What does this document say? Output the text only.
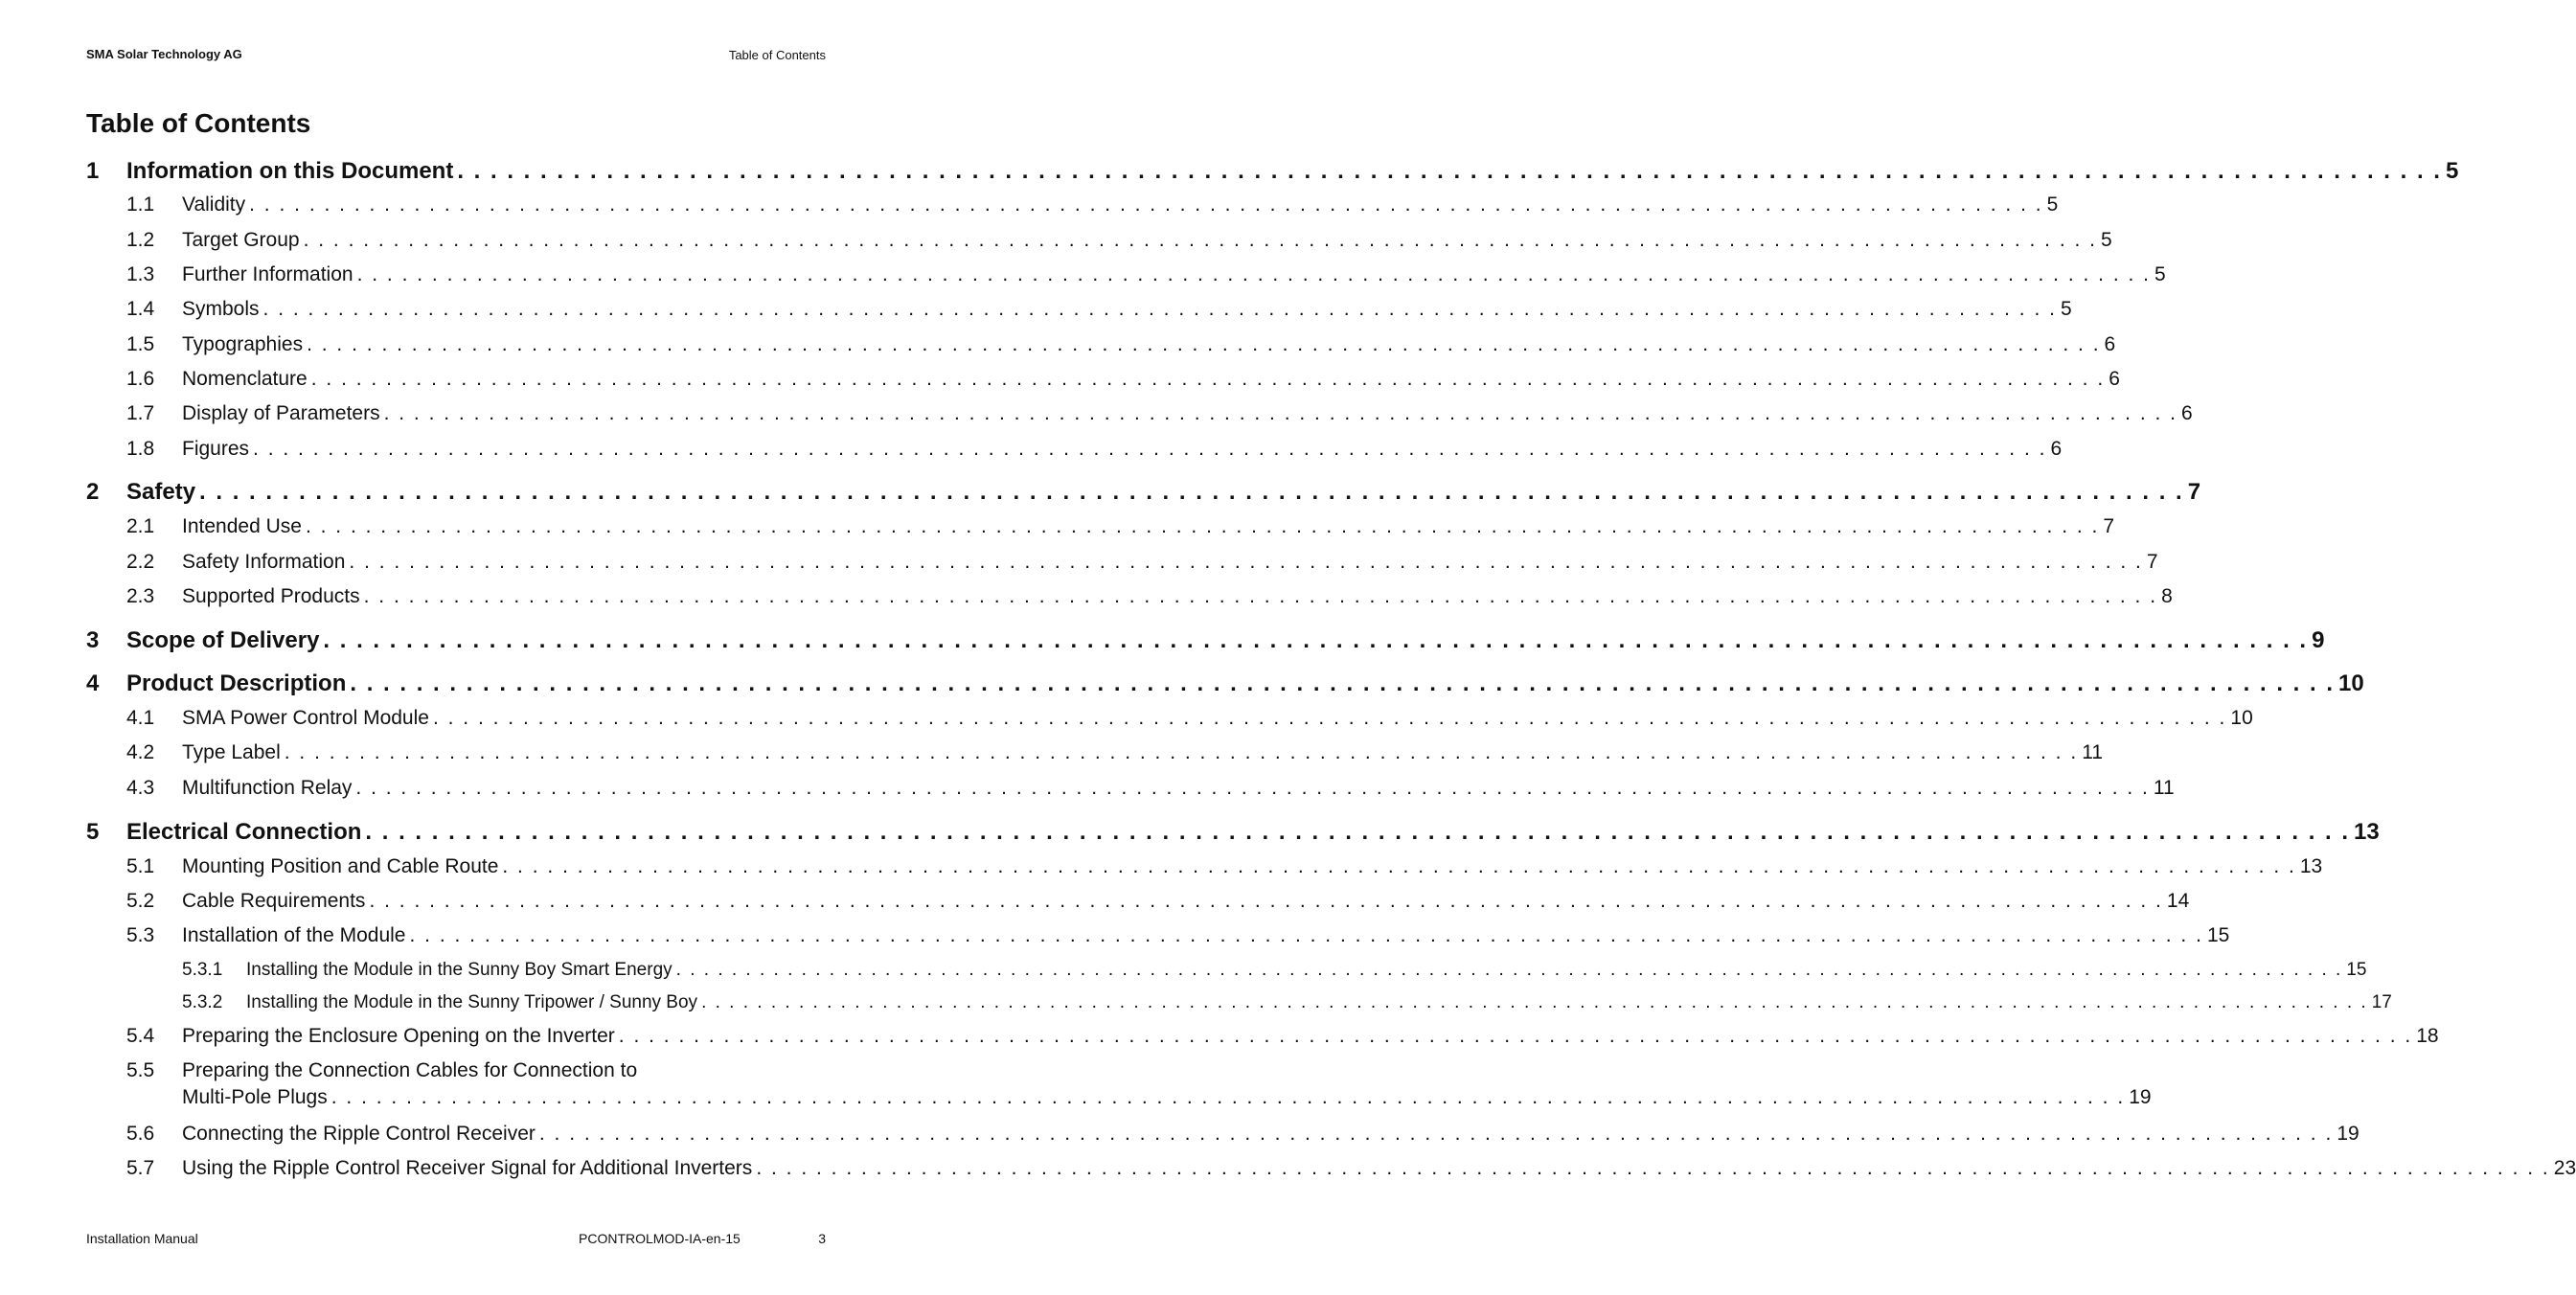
SMA Solar Technology AG	Table of Contents
Table of Contents
1	Information on this Document . . . . . . . . . . . . . . . . . . . . . . . . . . . . . . . . . . . . . . . . . . . . . . . . . . . . . . . . . . . . . . . . . . . . . . . . . . . . . . . . . . . . . . . . . . . . . . . . . . . . . . . . . . . . . . . . . . . . . . . . 5
1.1	Validity . . . . . . . . . . . . . . . . . . . . . . . . . . . . . . . . . . . . . . . . . . . . . . . . . . . . . . . . . . . . . . . . . . . . . . . . . . . . . . . . . . . . . . . . . . . . . . . . . . . . . . . . . . . . . . . . . . . . . . . . 5
1.2	Target Group . . . . . . . . . . . . . . . . . . . . . . . . . . . . . . . . . . . . . . . . . . . . . . . . . . . . . . . . . . . . . . . . . . . . . . . . . . . . . . . . . . . . . . . . . . . . . . . . . . . . . . . . . . . . . . . . . . . . . . . . 5
1.3	Further Information . . . . . . . . . . . . . . . . . . . . . . . . . . . . . . . . . . . . . . . . . . . . . . . . . . . . . . . . . . . . . . . . . . . . . . . . . . . . . . . . . . . . . . . . . . . . . . . . . . . . . . . . . . . . . . . . . . . . . . . . 5
1.4	Symbols . . . . . . . . . . . . . . . . . . . . . . . . . . . . . . . . . . . . . . . . . . . . . . . . . . . . . . . . . . . . . . . . . . . . . . . . . . . . . . . . . . . . . . . . . . . . . . . . . . . . . . . . . . . . . . . . . . . . . . . . 5
1.5	Typographies . . . . . . . . . . . . . . . . . . . . . . . . . . . . . . . . . . . . . . . . . . . . . . . . . . . . . . . . . . . . . . . . . . . . . . . . . . . . . . . . . . . . . . . . . . . . . . . . . . . . . . . . . . . . . . . . . . . . . . . . 6
1.6	Nomenclature . . . . . . . . . . . . . . . . . . . . . . . . . . . . . . . . . . . . . . . . . . . . . . . . . . . . . . . . . . . . . . . . . . . . . . . . . . . . . . . . . . . . . . . . . . . . . . . . . . . . . . . . . . . . . . . . . . . . . . . . 6
1.7	Display of Parameters . . . . . . . . . . . . . . . . . . . . . . . . . . . . . . . . . . . . . . . . . . . . . . . . . . . . . . . . . . . . . . . . . . . . . . . . . . . . . . . . . . . . . . . . . . . . . . . . . . . . . . . . . . . . . . . . . . . . . . . . 6
1.8	Figures . . . . . . . . . . . . . . . . . . . . . . . . . . . . . . . . . . . . . . . . . . . . . . . . . . . . . . . . . . . . . . . . . . . . . . . . . . . . . . . . . . . . . . . . . . . . . . . . . . . . . . . . . . . . . . . . . . . . . . . . 6
2	Safety . . . . . . . . . . . . . . . . . . . . . . . . . . . . . . . . . . . . . . . . . . . . . . . . . . . . . . . . . . . . . . . . . . . . . . . . . . . . . . . . . . . . . . . . . . . . . . . . . . . . . . . . . . . . . . . . . . . . . . . . 7
2.1	Intended Use . . . . . . . . . . . . . . . . . . . . . . . . . . . . . . . . . . . . . . . . . . . . . . . . . . . . . . . . . . . . . . . . . . . . . . . . . . . . . . . . . . . . . . . . . . . . . . . . . . . . . . . . . . . . . . . . . . . . . . . . 7
2.2	Safety Information . . . . . . . . . . . . . . . . . . . . . . . . . . . . . . . . . . . . . . . . . . . . . . . . . . . . . . . . . . . . . . . . . . . . . . . . . . . . . . . . . . . . . . . . . . . . . . . . . . . . . . . . . . . . . . . . . . . . . . . . 7
2.3	Supported Products . . . . . . . . . . . . . . . . . . . . . . . . . . . . . . . . . . . . . . . . . . . . . . . . . . . . . . . . . . . . . . . . . . . . . . . . . . . . . . . . . . . . . . . . . . . . . . . . . . . . . . . . . . . . . . . . . . . . . . . . 8
3	Scope of Delivery . . . . . . . . . . . . . . . . . . . . . . . . . . . . . . . . . . . . . . . . . . . . . . . . . . . . . . . . . . . . . . . . . . . . . . . . . . . . . . . . . . . . . . . . . . . . . . . . . . . . . . . . . . . . . . . . . . . . . . . . 9
4	Product Description . . . . . . . . . . . . . . . . . . . . . . . . . . . . . . . . . . . . . . . . . . . . . . . . . . . . . . . . . . . . . . . . . . . . . . . . . . . . . . . . . . . . . . . . . . . . . . . . . . . . . . . . . . . . . . . . . . . . . . . . 10
4.1	SMA Power Control Module . . . . . . . . . . . . . . . . . . . . . . . . . . . . . . . . . . . . . . . . . . . . . . . . . . . . . . . . . . . . . . . . . . . . . . . . . . . . . . . . . . . . . . . . . . . . . . . . . . . . . . . . . . . . . . . . . . . . . . . . 10
4.2	Type Label . . . . . . . . . . . . . . . . . . . . . . . . . . . . . . . . . . . . . . . . . . . . . . . . . . . . . . . . . . . . . . . . . . . . . . . . . . . . . . . . . . . . . . . . . . . . . . . . . . . . . . . . . . . . . . . . . . . . . . . . 11
4.3	Multifunction Relay . . . . . . . . . . . . . . . . . . . . . . . . . . . . . . . . . . . . . . . . . . . . . . . . . . . . . . . . . . . . . . . . . . . . . . . . . . . . . . . . . . . . . . . . . . . . . . . . . . . . . . . . . . . . . . . . . . . . . . . . 11
5	Electrical Connection . . . . . . . . . . . . . . . . . . . . . . . . . . . . . . . . . . . . . . . . . . . . . . . . . . . . . . . . . . . . . . . . . . . . . . . . . . . . . . . . . . . . . . . . . . . . . . . . . . . . . . . . . . . . . . . . . . . . . . . . 13
5.1	Mounting Position and Cable Route . . . . . . . . . . . . . . . . . . . . . . . . . . . . . . . . . . . . . . . . . . . . . . . . . . . . . . . . . . . . . . . . . . . . . . . . . . . . . . . . . . . . . . . . . . . . . . . . . . . . . . . . . . . . . . . . . . . . . . . . 13
5.2	Cable Requirements . . . . . . . . . . . . . . . . . . . . . . . . . . . . . . . . . . . . . . . . . . . . . . . . . . . . . . . . . . . . . . . . . . . . . . . . . . . . . . . . . . . . . . . . . . . . . . . . . . . . . . . . . . . . . . . . . . . . . . . . 14
5.3	Installation of the Module . . . . . . . . . . . . . . . . . . . . . . . . . . . . . . . . . . . . . . . . . . . . . . . . . . . . . . . . . . . . . . . . . . . . . . . . . . . . . . . . . . . . . . . . . . . . . . . . . . . . . . . . . . . . . . . . . . . . . . . . 15
5.3.1	Installing the Module in the Sunny Boy Smart Energy . . . . . . . . . . . . . . . . . . . . . . . . . . . . . . . . . . . . . . . . . . . . . . . . . . . . . . . . . . . . . . . . . . . . . . . . . . . . . . . . . . . . . . . . . . . . . . . . . . . . . . . . . . . . . . . . . . . . . . . . 15
5.3.2	Installing the Module in the Sunny Tripower / Sunny Boy . . . . . . . . . . . . . . . . . . . . . . . . . . . . . . . . . . . . . . . . . . . . . . . . . . . . . . . . . . . . . . . . . . . . . . . . . . . . . . . . . . . . . . . . . . . . . . . . . . . . . . . . . . . . . . . . . . . . . . . . 17
5.4	Preparing the Enclosure Opening on the Inverter . . . . . . . . . . . . . . . . . . . . . . . . . . . . . . . . . . . . . . . . . . . . . . . . . . . . . . . . . . . . . . . . . . . . . . . . . . . . . . . . . . . . . . . . . . . . . . . . . . . . . . . . . . . . . . . . . . . . . . . . 18
5.5	Preparing the Connection Cables for Connection to
Multi-Pole Plugs . . . . . . . . . . . . . . . . . . . . . . . . . . . . . . . . . . . . . . . . . . . . . . . . . . . . . . . . . . . . . . . . . . . . . . . . . . . . . . . . . . . . . . . . . . . . . . . . . . . . . . . . . . . . . . . . . . . . . . . . 19
5.6	Connecting the Ripple Control Receiver . . . . . . . . . . . . . . . . . . . . . . . . . . . . . . . . . . . . . . . . . . . . . . . . . . . . . . . . . . . . . . . . . . . . . . . . . . . . . . . . . . . . . . . . . . . . . . . . . . . . . . . . . . . . . . . . . . . . . . . . 19
5.7	Using the Ripple Control Receiver Signal for Additional Inverters . . . . . . . . . . . . . . . . . . . . . . . . . . . . . . . . . . . . . . . . . . . . . . . . . . . . . . . . . . . . . . . . . . . . . . . . . . . . . . . . . . . . . . . . . . . . . . . . . . . . . . . . . . . . . . . . . . . . . . . . 23
Installation Manual	PCONTROLMOD-IA-en-15	3
